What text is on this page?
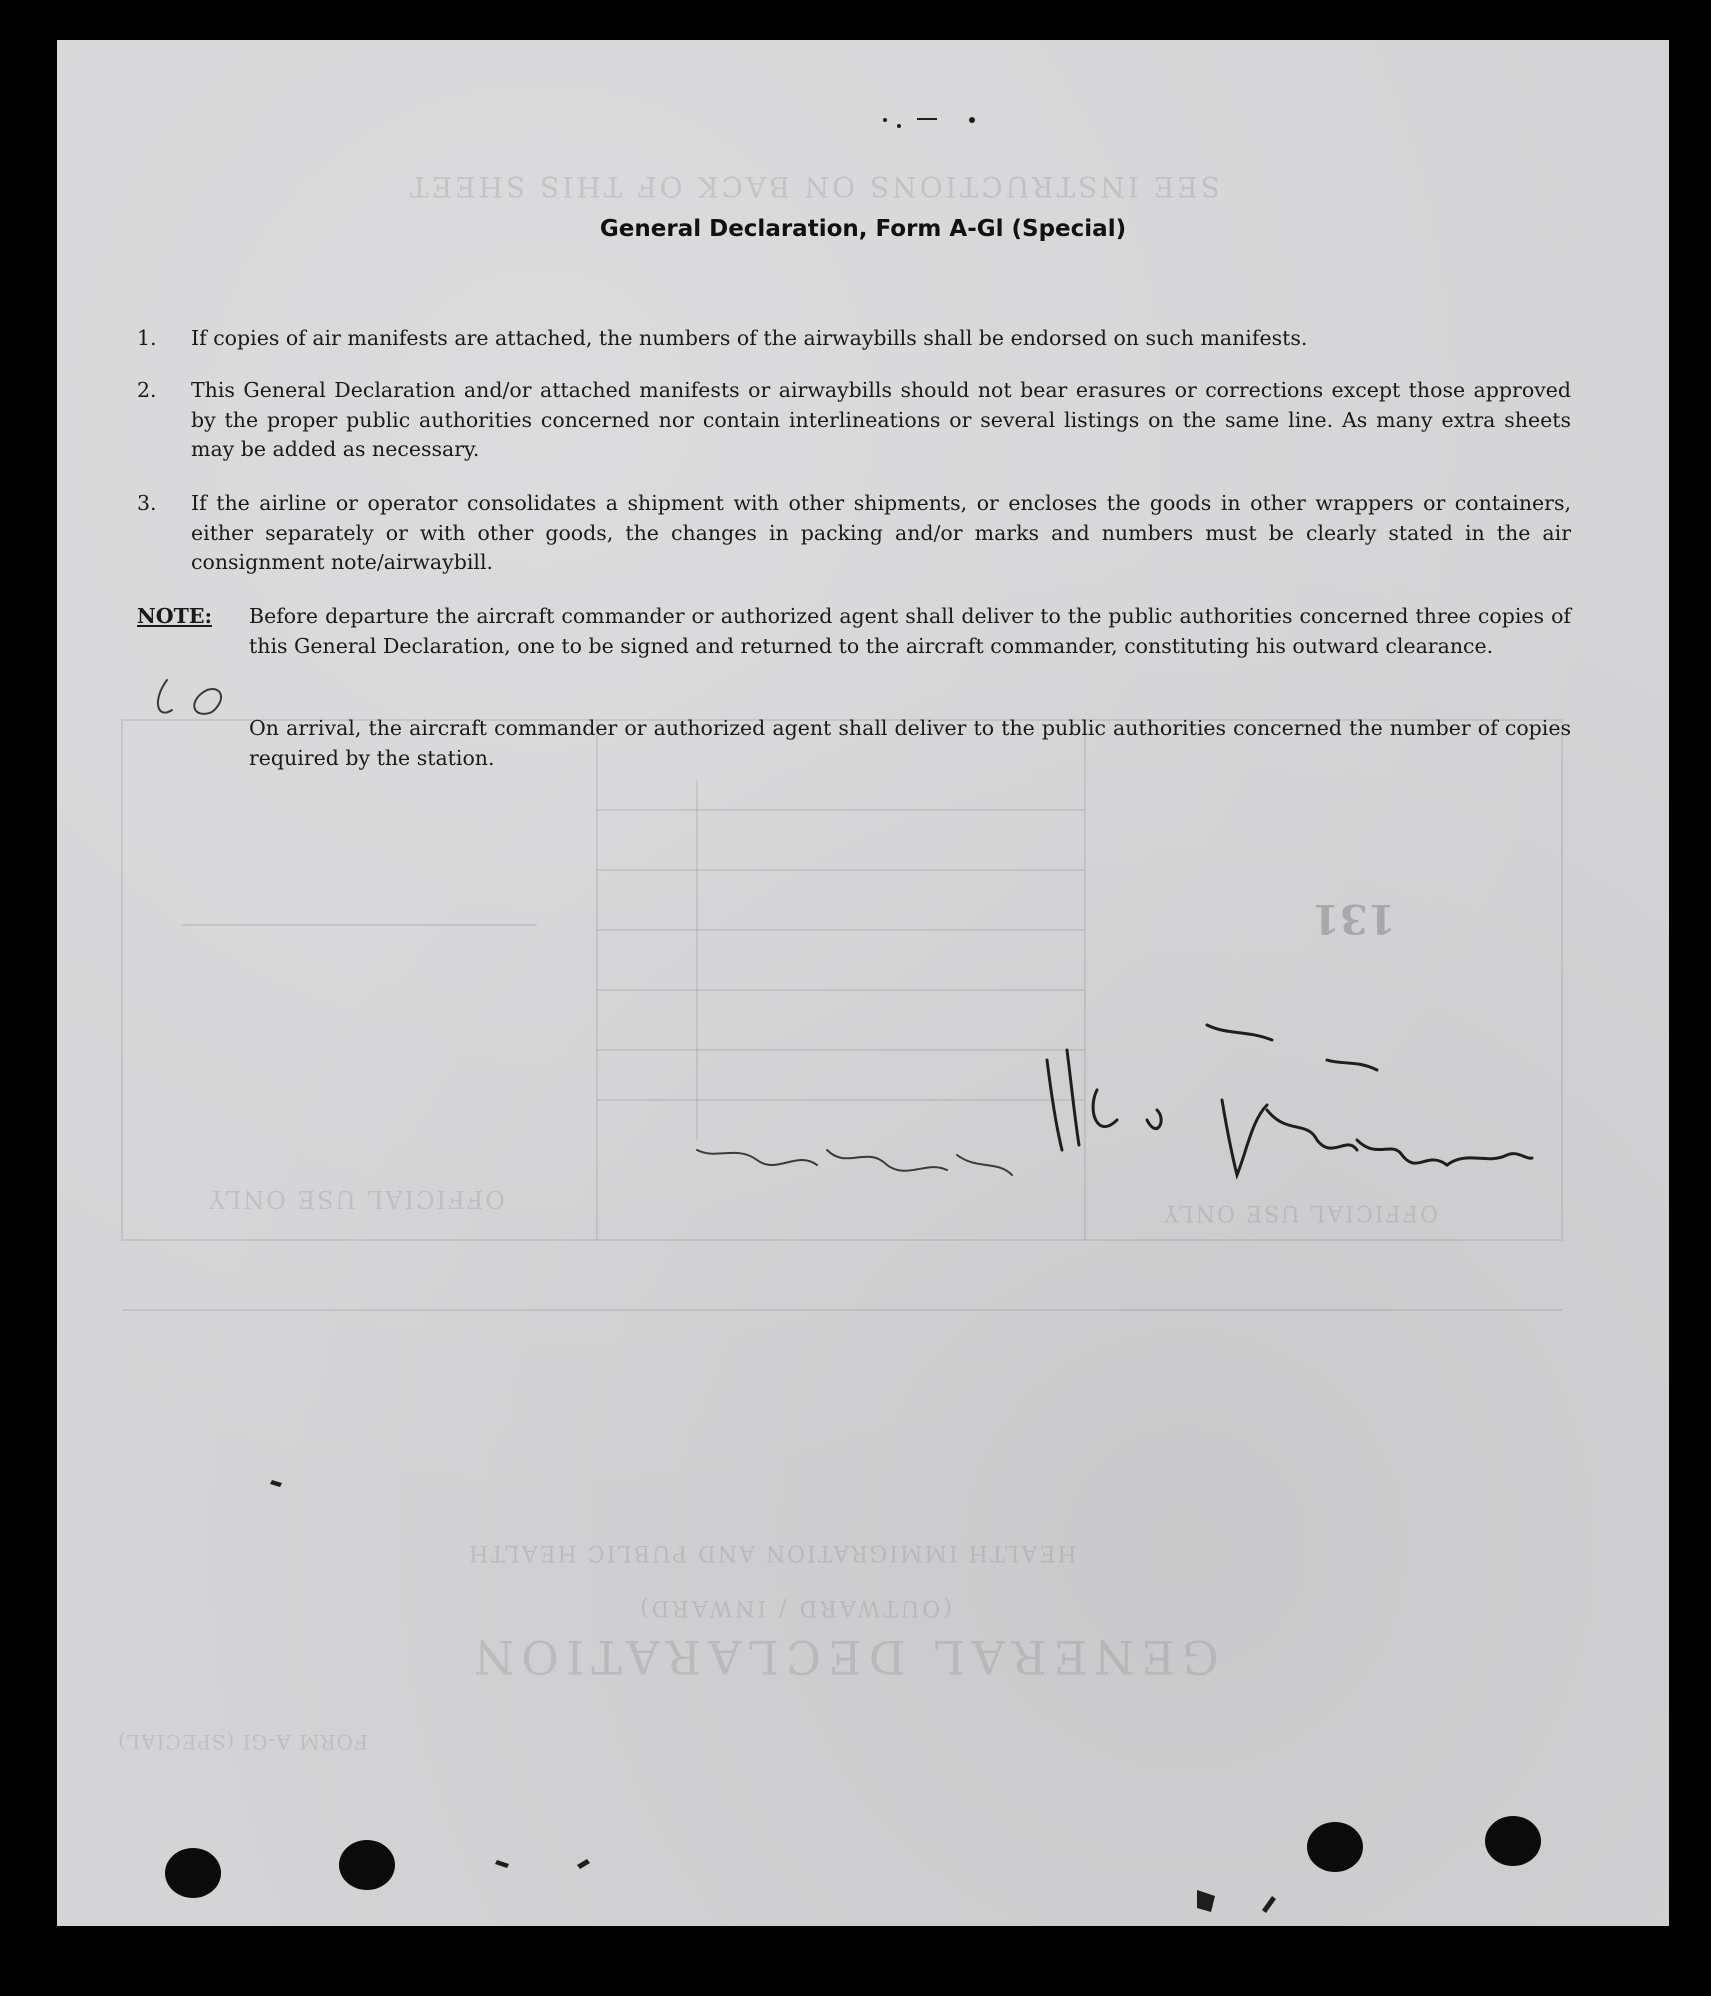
SEE INSTRUCTIONS ON BACK OF THIS SHEET
131
OFFICIAL USE ONLY
OFFICIAL USE ONLY
HEALTH IMMIGRATION AND PUBLIC HEALTH
(OUTWARD / INWARD)
GENERAL DECLARATION
FORM A-GI (SPECIAL)
General Declaration, Form A-Gl (Special)
1.	If copies of air manifests are attached, the numbers of the airwaybills shall be endorsed on such manifests.
2.	This General Declaration and/or attached manifests or airwaybills should not bear erasures or corrections except those approved by the proper public authorities concerned nor contain interlineations or several listings on the same line. As many extra sheets may be added as necessary.
3.	If the airline or operator consolidates a shipment with other shipments, or encloses the goods in other wrappers or containers, either separately or with other goods, the changes in packing and/or marks and numbers must be clearly stated in the air consignment note/airwaybill.
NOTE: Before departure the aircraft commander or authorized agent shall deliver to the public authorities concerned three copies of this General Declaration, one to be signed and returned to the aircraft commander, constituting his outward clearance.
On arrival, the aircraft commander or authorized agent shall deliver to the public authorities concerned the number of copies required by the station.
